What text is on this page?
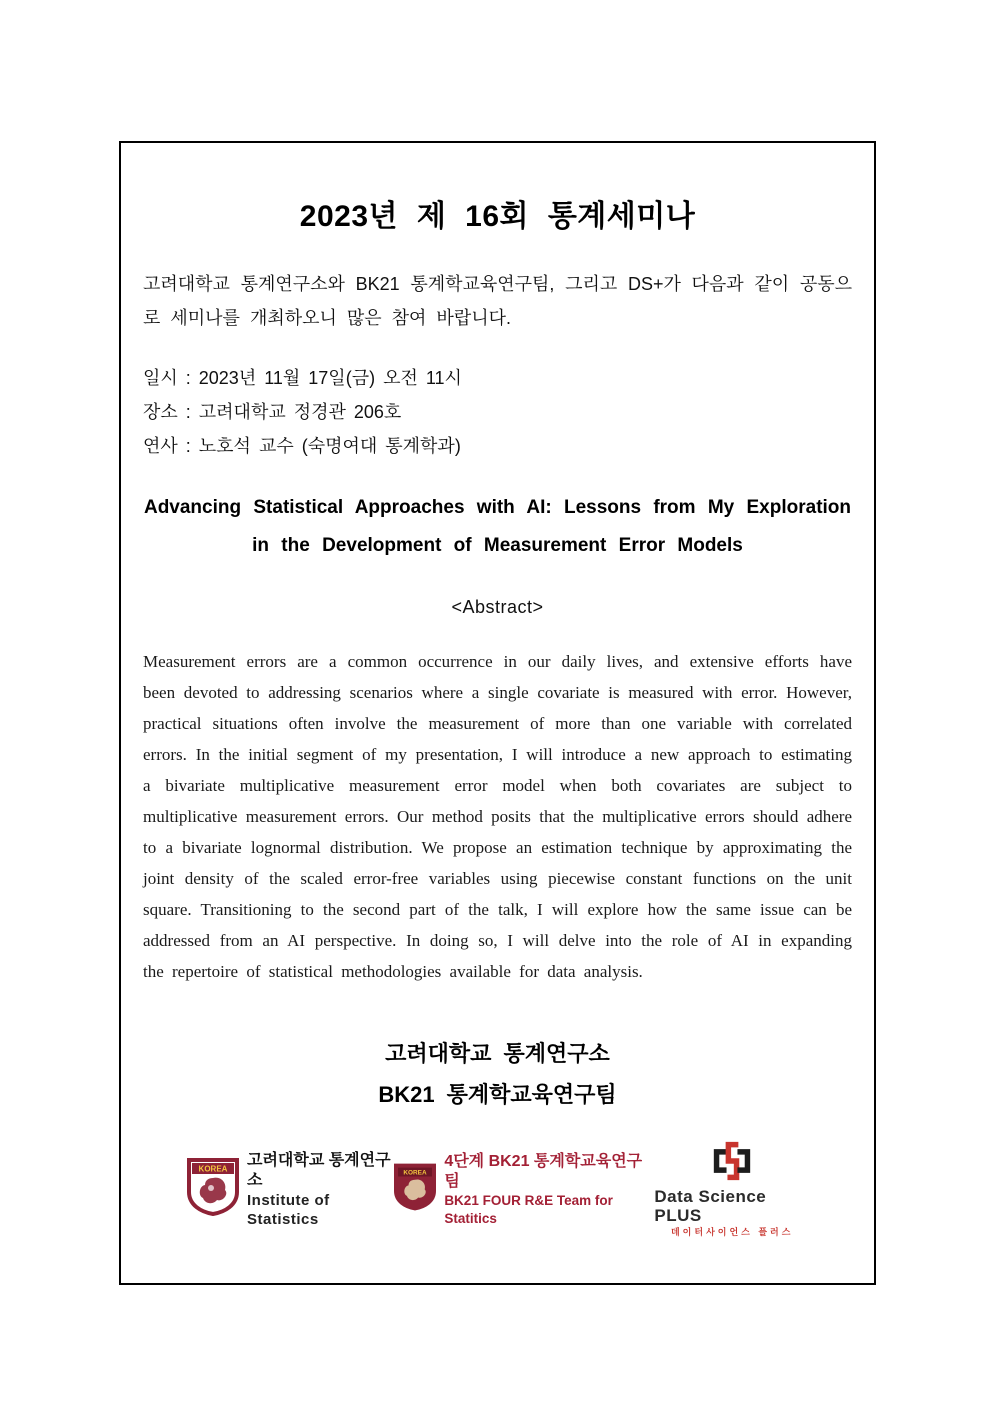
2023년 제 16회 통계세미나
고려대학교 통계연구소와 BK21 통계학교육연구팀, 그리고 DS+가 다음과 같이 공동으로 세미나를 개최하오니 많은 참여 바랍니다.
일시 : 2023년 11월 17일(금) 오전 11시
장소 : 고려대학교 정경관 206호
연사 : 노호석 교수 (숙명여대 통계학과)
Advancing Statistical Approaches with AI: Lessons from My Exploration
in the Development of Measurement Error Models
<Abstract>
Measurement errors are a common occurrence in our daily lives, and extensive efforts have been devoted to addressing scenarios where a single covariate is measured with error. However, practical situations often involve the measurement of more than one variable with correlated errors. In the initial segment of my presentation, I will introduce a new approach to estimating a bivariate multiplicative measurement error model when both covariates are subject to multiplicative measurement errors. Our method posits that the multiplicative errors should adhere to a bivariate lognormal distribution. We propose an estimation technique by approximating the joint density of the scaled error-free variables using piecewise constant functions on the unit square. Transitioning to the second part of the talk, I will explore how the same issue can be addressed from an AI perspective. In doing so, I will delve into the role of AI in expanding the repertoire of statistical methodologies available for data analysis.
고려대학교 통계연구소
BK21 통계학교육연구팀
KOREA
고려대학교 통계연구소
Institute of Statistics
KOREA
4단계 BK21 통계학교육연구팀
BK21 FOUR R&E Team for Statitics
Data Science PLUS
데이터사이언스 플러스
